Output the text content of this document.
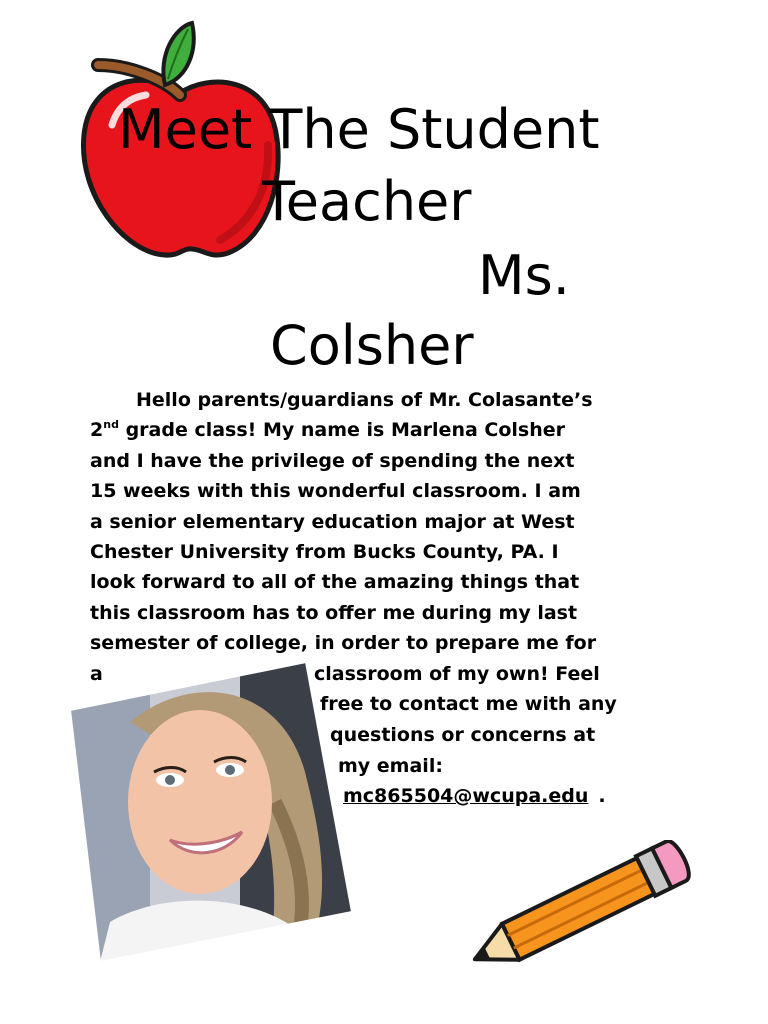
Meet The Student
Teacher
Ms.
Colsher
Hello parents/guardians of Mr. Colasante’s
2nd grade class! My name is Marlena Colsher
and I have the privilege of spending the next
15 weeks with this wonderful classroom. I am
a senior elementary education major at West
Chester University from Bucks County, PA. I
look forward to all of the amazing things that
this classroom has to offer me during my last
semester of college, in order to prepare me for
a	classroom of my own! Feel
free to contact me with any
questions or concerns at
my email:
mc865504@wcupa.edu .
